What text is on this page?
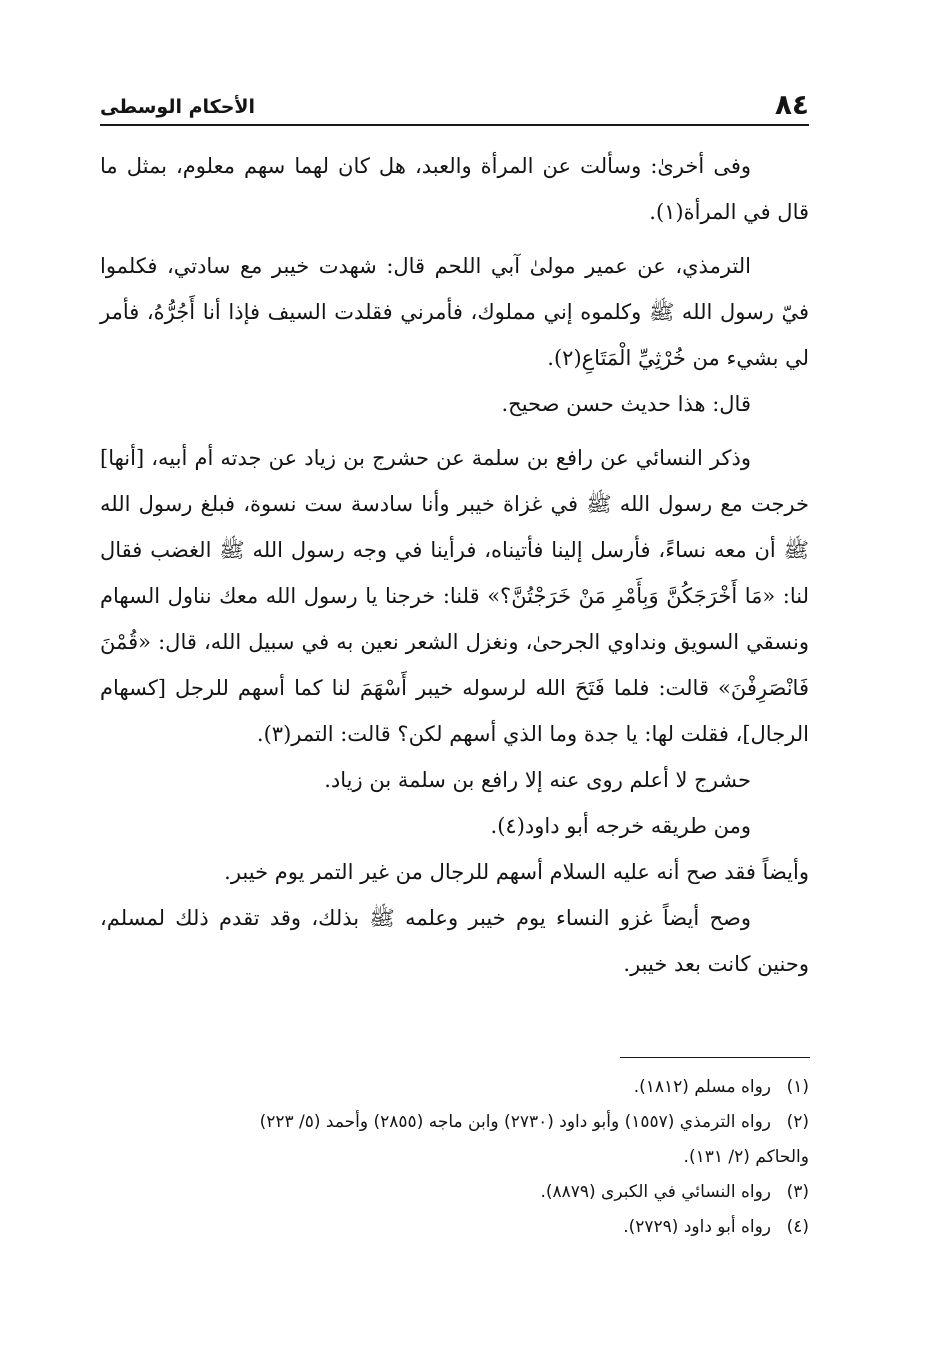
٨٤
الأحكام الوسطى

وفى أخرىٰ: وسألت عن المرأة والعبد، هل كان لهما سهم معلوم، بمثل ما قال في المرأة(١).

الترمذي، عن عمير مولىٰ آبي اللحم قال: شهدت خيبر مع سادتي، فكلموا فيّ رسول الله ﷺ وكلموه إني مملوك، فأمرني فقلدت السيف فإذا أنا أَجُرُّهُ، فأمر لي بشيء من خُرْثِيِّ الْمَتَاعِ(٢).

قال: هذا حديث حسن صحيح.

وذكر النسائي عن رافع بن سلمة عن حشرج بن زياد عن جدته أم أبيه، [أنها] خرجت مع رسول الله ﷺ في غزاة خيبر وأنا سادسة ست نسوة، فبلغ رسول الله ﷺ أن معه نساءً، فأرسل إلينا فأتيناه، فرأينا في وجه رسول الله ﷺ الغضب فقال لنا: «مَا أَخْرَجَكُنَّ وَبِأَمْرِ مَنْ خَرَجْتُنَّ؟» قلنا: خرجنا يا رسول الله معك نناول السهام ونسقي السويق ونداوي الجرحىٰ، ونغزل الشعر نعين به في سبيل الله، قال: «قُمْنَ فَانْصَرِفْنَ» قالت: فلما فَتَحَ الله لرسوله خيبر أَسْهَمَ لنا كما أسهم للرجل [كسهام الرجال]، فقلت لها: يا جدة وما الذي أسهم لكن؟ قالت: التمر(٣).

حشرج لا أعلم روى عنه إلا رافع بن سلمة بن زياد.

ومن طريقه خرجه أبو داود(٤).

وأيضاً فقد صح أنه عليه السلام أسهم للرجال من غير التمر يوم خيبر.

وصح أيضاً غزو النساء يوم خيبر وعلمه ﷺ بذلك، وقد تقدم ذلك لمسلم، وحنين كانت بعد خيبر.

(١)رواه مسلم (١٨١٢).

(٢)رواه الترمذي (١٥٥٧) وأبو داود (٢٧٣٠) وابن ماجه (٢٨٥٥) وأحمد (٥/ ٢٢٣)

والحاكم (٢/ ١٣١).

(٣)رواه النسائي في الكبرى (٨٨٧٩).

(٤)رواه أبو داود (٢٧٢٩).
